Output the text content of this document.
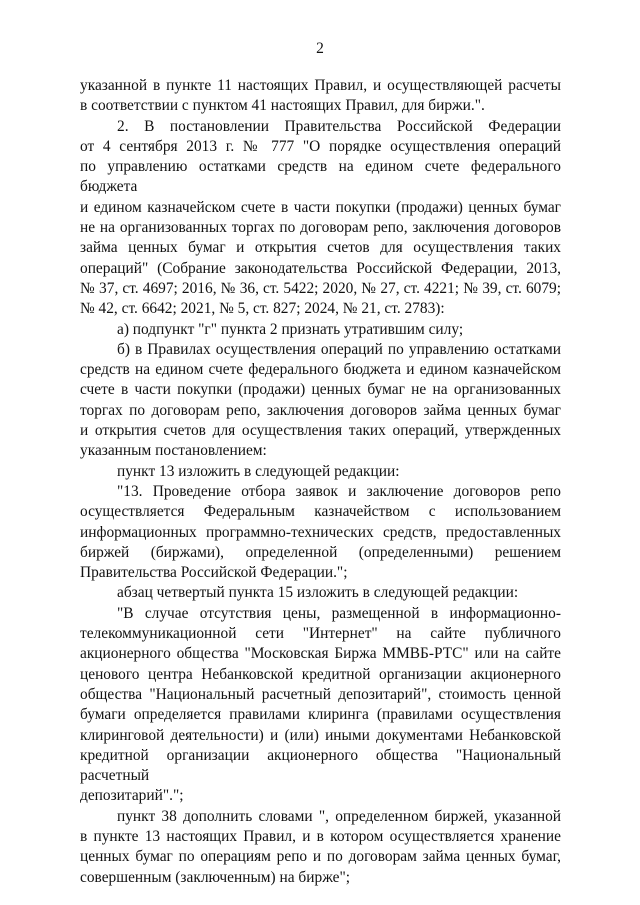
2

указанной в пункте 11 настоящих Правил, и осуществляющей расчеты

в соответствии с пунктом 41 настоящих Правил, для биржи.".

2. В постановлении Правительства Российской Федерации

от 4 сентября 2013 г. № 777 "О порядке осуществления операций

по управлению остатками средств на едином счете федерального бюджета

и едином казначейском счете в части покупки (продажи) ценных бумаг

не на организованных торгах по договорам репо, заключения договоров

займа ценных бумаг и открытия счетов для осуществления таких

операций" (Собрание законодательства Российской Федерации, 2013,

№ 37, ст. 4697; 2016, № 36, ст. 5422; 2020, № 27, ст. 4221; № 39, ст. 6079;

№ 42, ст. 6642; 2021, № 5, ст. 827; 2024, № 21, ст. 2783):

а) подпункт "г" пункта 2 признать утратившим силу;

б) в Правилах осуществления операций по управлению остатками

средств на едином счете федерального бюджета и едином казначейском

счете в части покупки (продажи) ценных бумаг не на организованных

торгах по договорам репо, заключения договоров займа ценных бумаг

и открытия счетов для осуществления таких операций, утвержденных

указанным постановлением:

пункт 13 изложить в следующей редакции:

"13. Проведение отбора заявок и заключение договоров репо

осуществляется Федеральным казначейством с использованием

информационных программно-технических средств, предоставленных

биржей (биржами), определенной (определенными) решением

Правительства Российской Федерации.";

абзац четвертый пункта 15 изложить в следующей редакции:

"В случае отсутствия цены, размещенной в информационно-

телекоммуникационной сети "Интернет" на сайте публичного

акционерного общества "Московская Биржа ММВБ-РТС" или на сайте

ценового центра Небанковской кредитной организации акционерного

общества "Национальный расчетный депозитарий", стоимость ценной

бумаги определяется правилами клиринга (правилами осуществления

клиринговой деятельности) и (или) иными документами Небанковской

кредитной организации акционерного общества "Национальный расчетный

депозитарий".";

пункт 38 дополнить словами ", определенном биржей, указанной

в пункте 13 настоящих Правил, и в котором осуществляется хранение

ценных бумаг по операциям репо и по договорам займа ценных бумаг,

совершенным (заключенным) на бирже";
